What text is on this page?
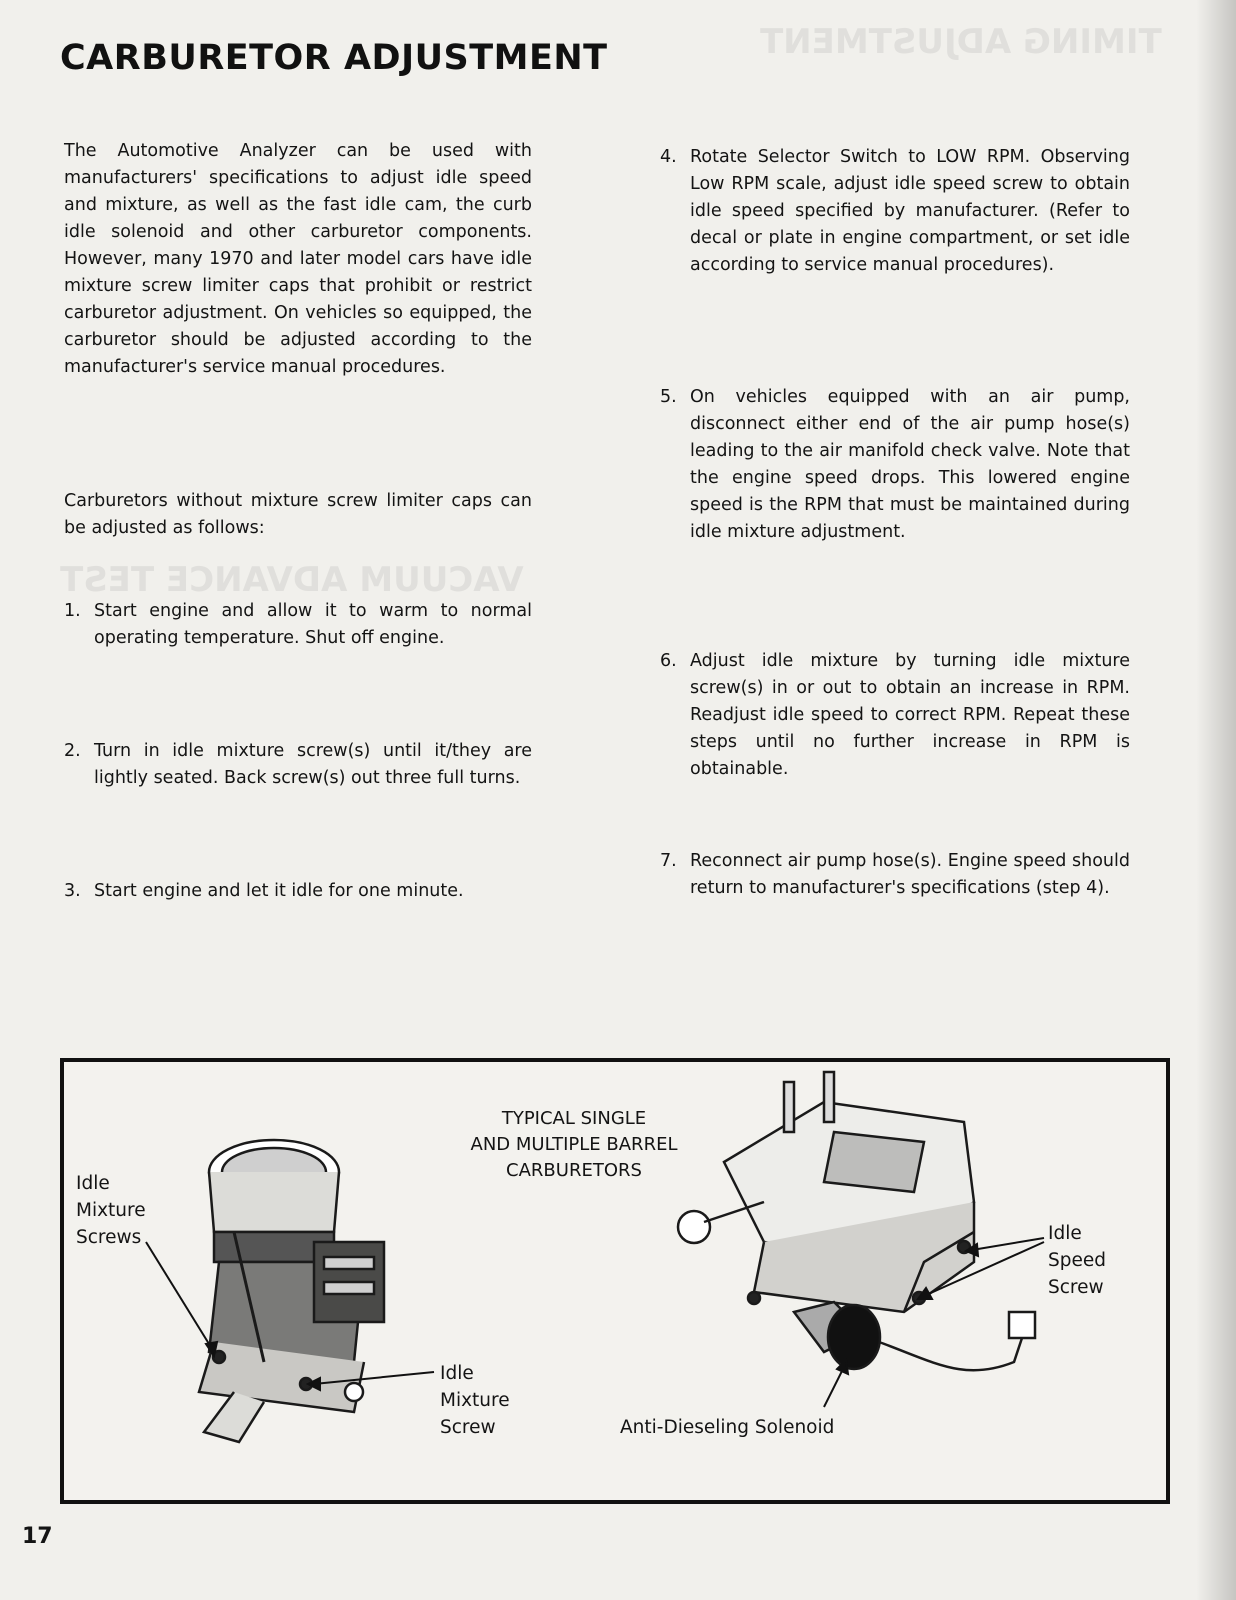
TIMING ADJUSTMENT
VACUUM ADVANCE TEST
CARBURETOR ADJUSTMENT

The Automotive Analyzer can be used with manufacturers' specifications to adjust idle speed and mixture, as well as the fast idle cam, the curb idle solenoid and other carburetor components. However, many 1970 and later model cars have idle mixture screw limiter caps that prohibit or restrict carburetor adjustment. On vehicles so equipped, the carburetor should be adjusted according to the manufacturer's service manual procedures.

Carburetors without mixture screw limiter caps can be adjusted as follows:

1. Start engine and allow it to warm to normal operating temperature. Shut off engine.
2. Turn in idle mixture screw(s) until it/they are lightly seated. Back screw(s) out three full turns.
3. Start engine and let it idle for one minute.
4. Rotate Selector Switch to LOW RPM. Observing Low RPM scale, adjust idle speed screw to obtain idle speed specified by manufacturer. (Refer to decal or plate in engine compartment, or set idle according to service manual procedures).
5. On vehicles equipped with an air pump, disconnect either end of the air pump hose(s) leading to the air manifold check valve. Note that the engine speed drops. This lowered engine speed is the RPM that must be maintained during idle mixture adjustment.
6. Adjust idle mixture by turning idle mixture screw(s) in or out to obtain an increase in RPM. Readjust idle speed to correct RPM. Repeat these steps until no further increase in RPM is obtainable.
7. Reconnect air pump hose(s). Engine speed should return to manufacturer's specifications (step 4).
TYPICAL SINGLE
AND MULTIPLE BARREL
CARBURETORS
Idle
Mixture
Screws
Idle
Mixture
Screw
Idle
Speed
Screw
Anti-Dieseling Solenoid
17
